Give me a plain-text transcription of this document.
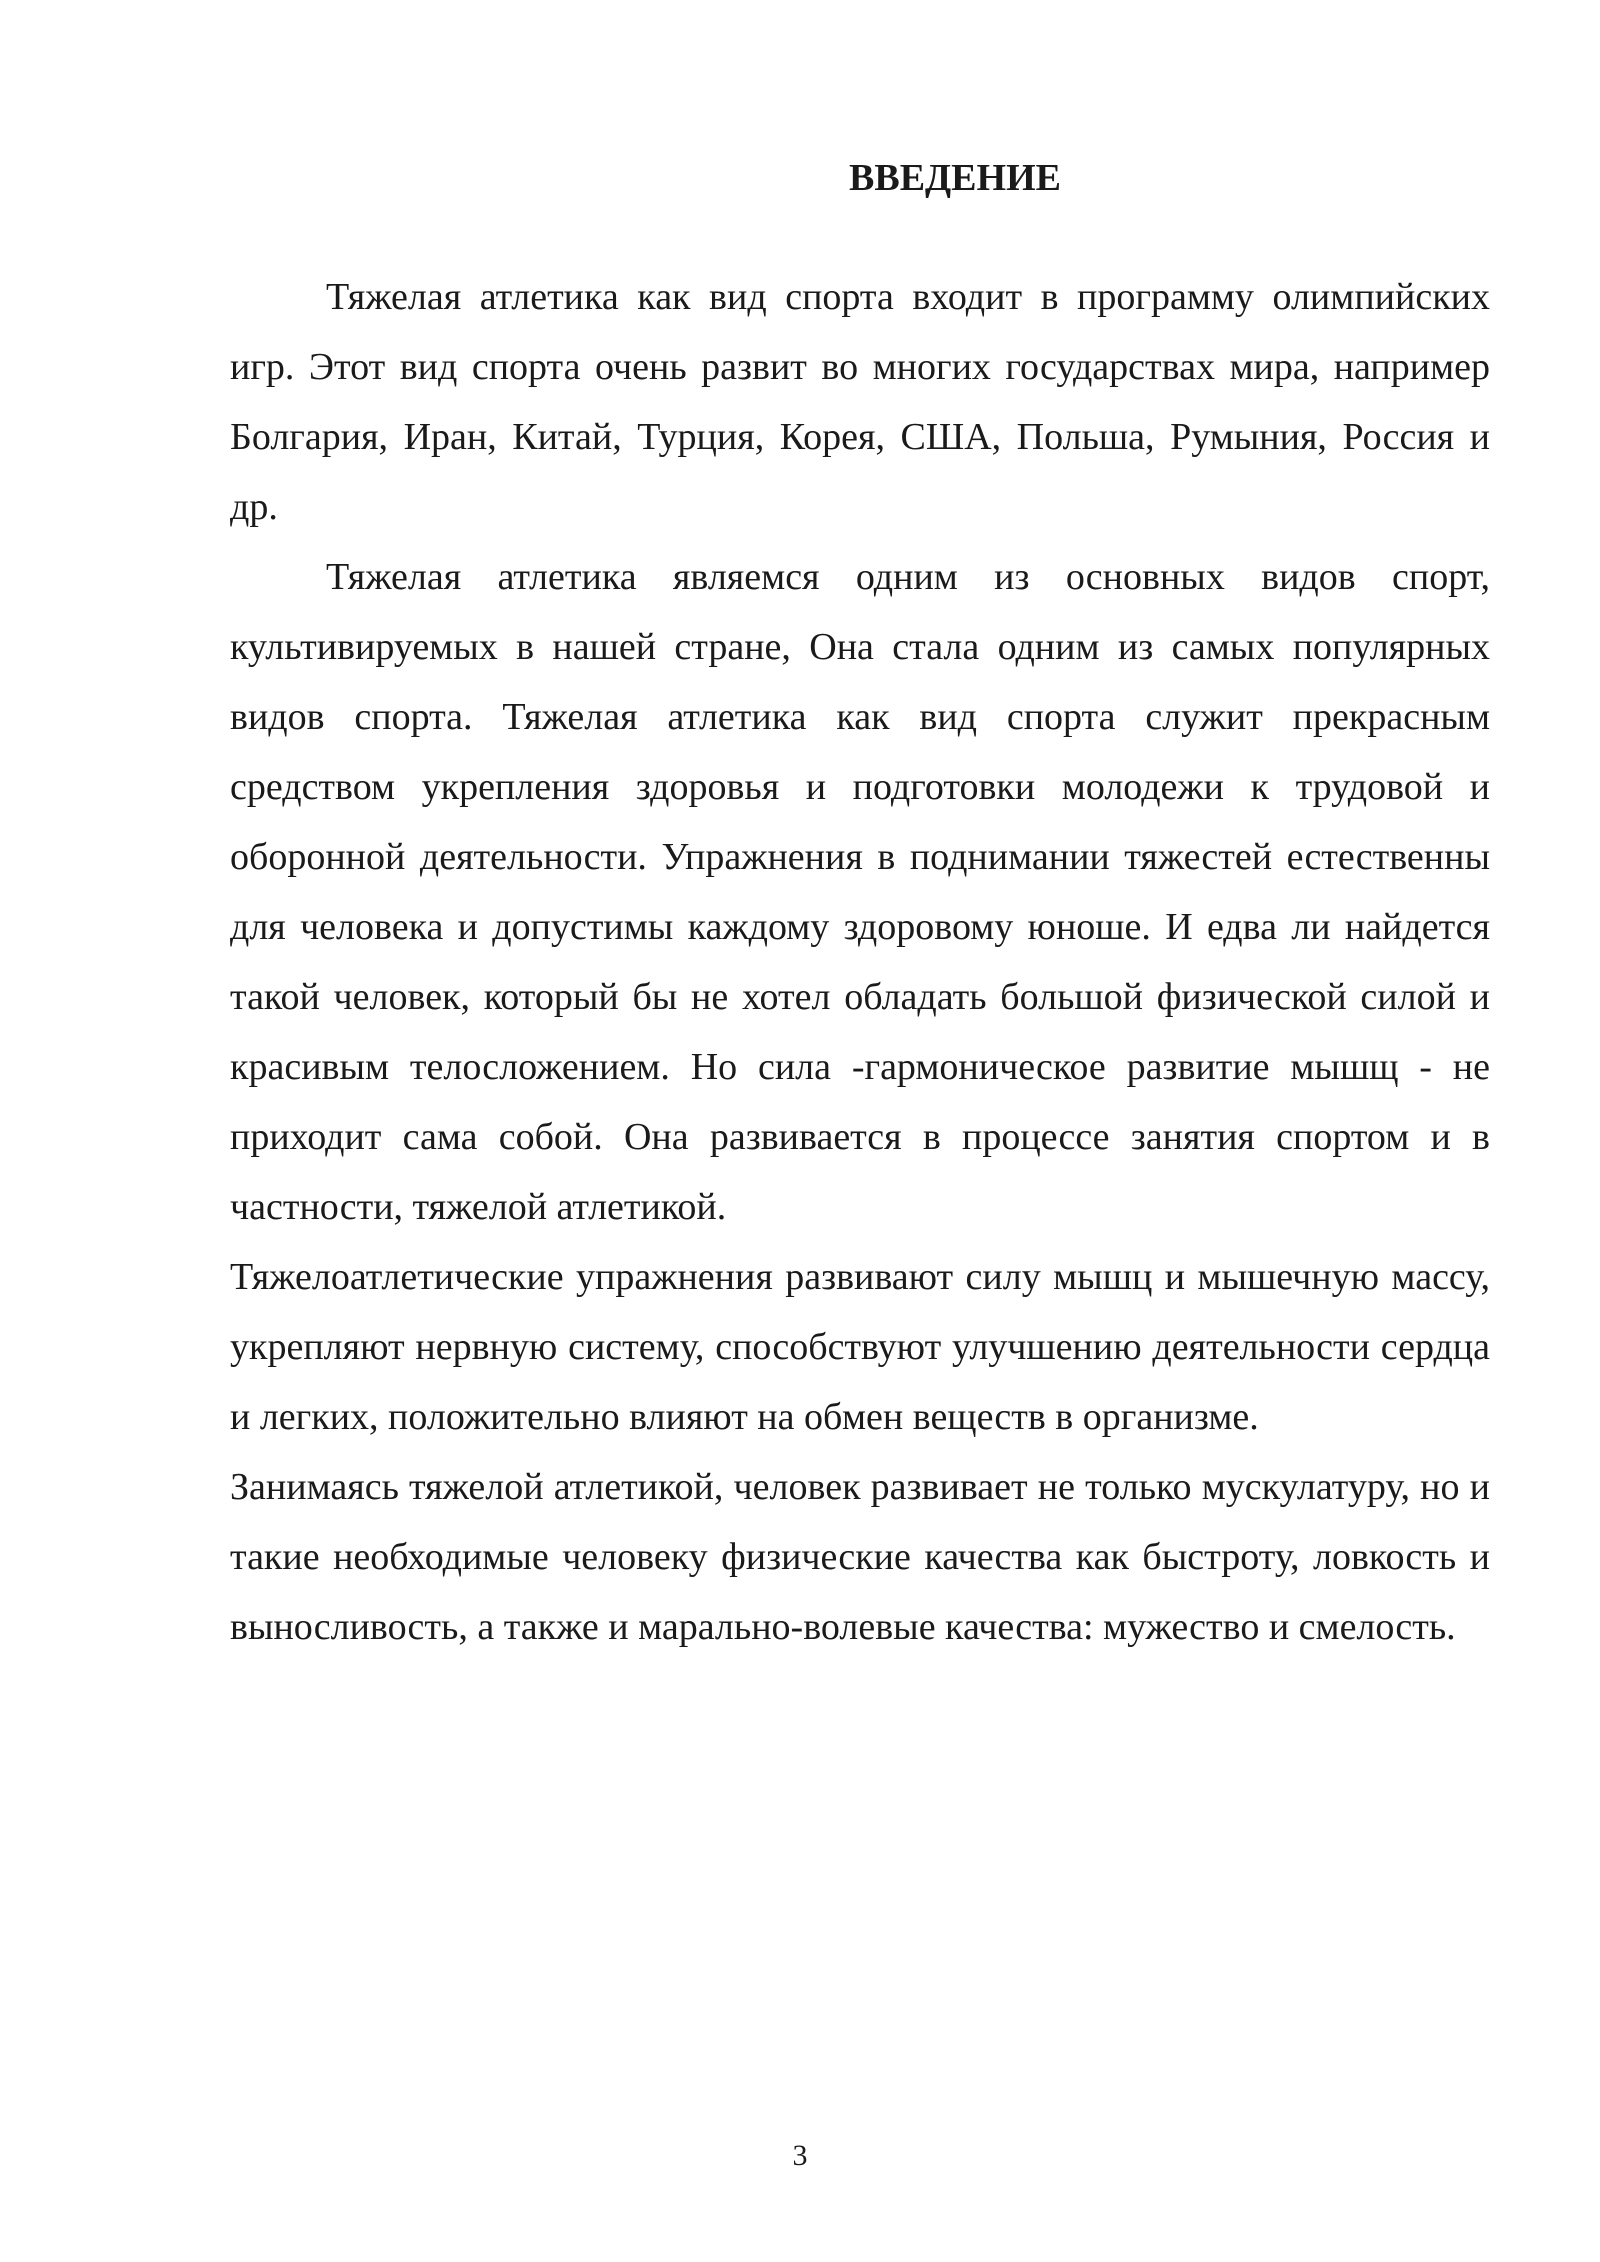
ВВЕДЕНИЕ

Тяжелая атлетика как вид спорта входит в программу олимпийских игр. Этот вид спорта очень развит во многих государствах мира, например Болгария, Иран, Китай, Турция, Корея, США, Польша, Румыния, Россия и др.

Тяжелая атлетика являемся одним из основных видов спорт, культивируемых в нашей стране, Она стала одним из самых популярных видов спорта. Тяжелая атлетика как вид спорта служит прекрасным средством укрепления здоровья и подготовки молодежи к трудовой и оборонной деятельности. Упражнения в поднимании тяжестей естественны для человека и допустимы каждому здоровому юноше. И едва ли найдется такой человек, который бы не хотел обладать большой физической силой и красивым телосложением. Но сила -гармоническое развитие мышщ - не приходит сама собой. Она развивается в процессе занятия спортом и в частности, тяжелой атлетикой.

Тяжелоатлетические упражнения развивают силу мышц и мышечную массу, укрепляют нервную систему, способствуют улучшению деятельности сердца и легких, положительно влияют на обмен веществ в организме.

Занимаясь тяжелой атлетикой, человек развивает не только мускулатуру, но и такие необходимые человеку физические качества как быстроту, ловкость и выносливость, а также и марально-волевые качества: мужество и смелость.

3
